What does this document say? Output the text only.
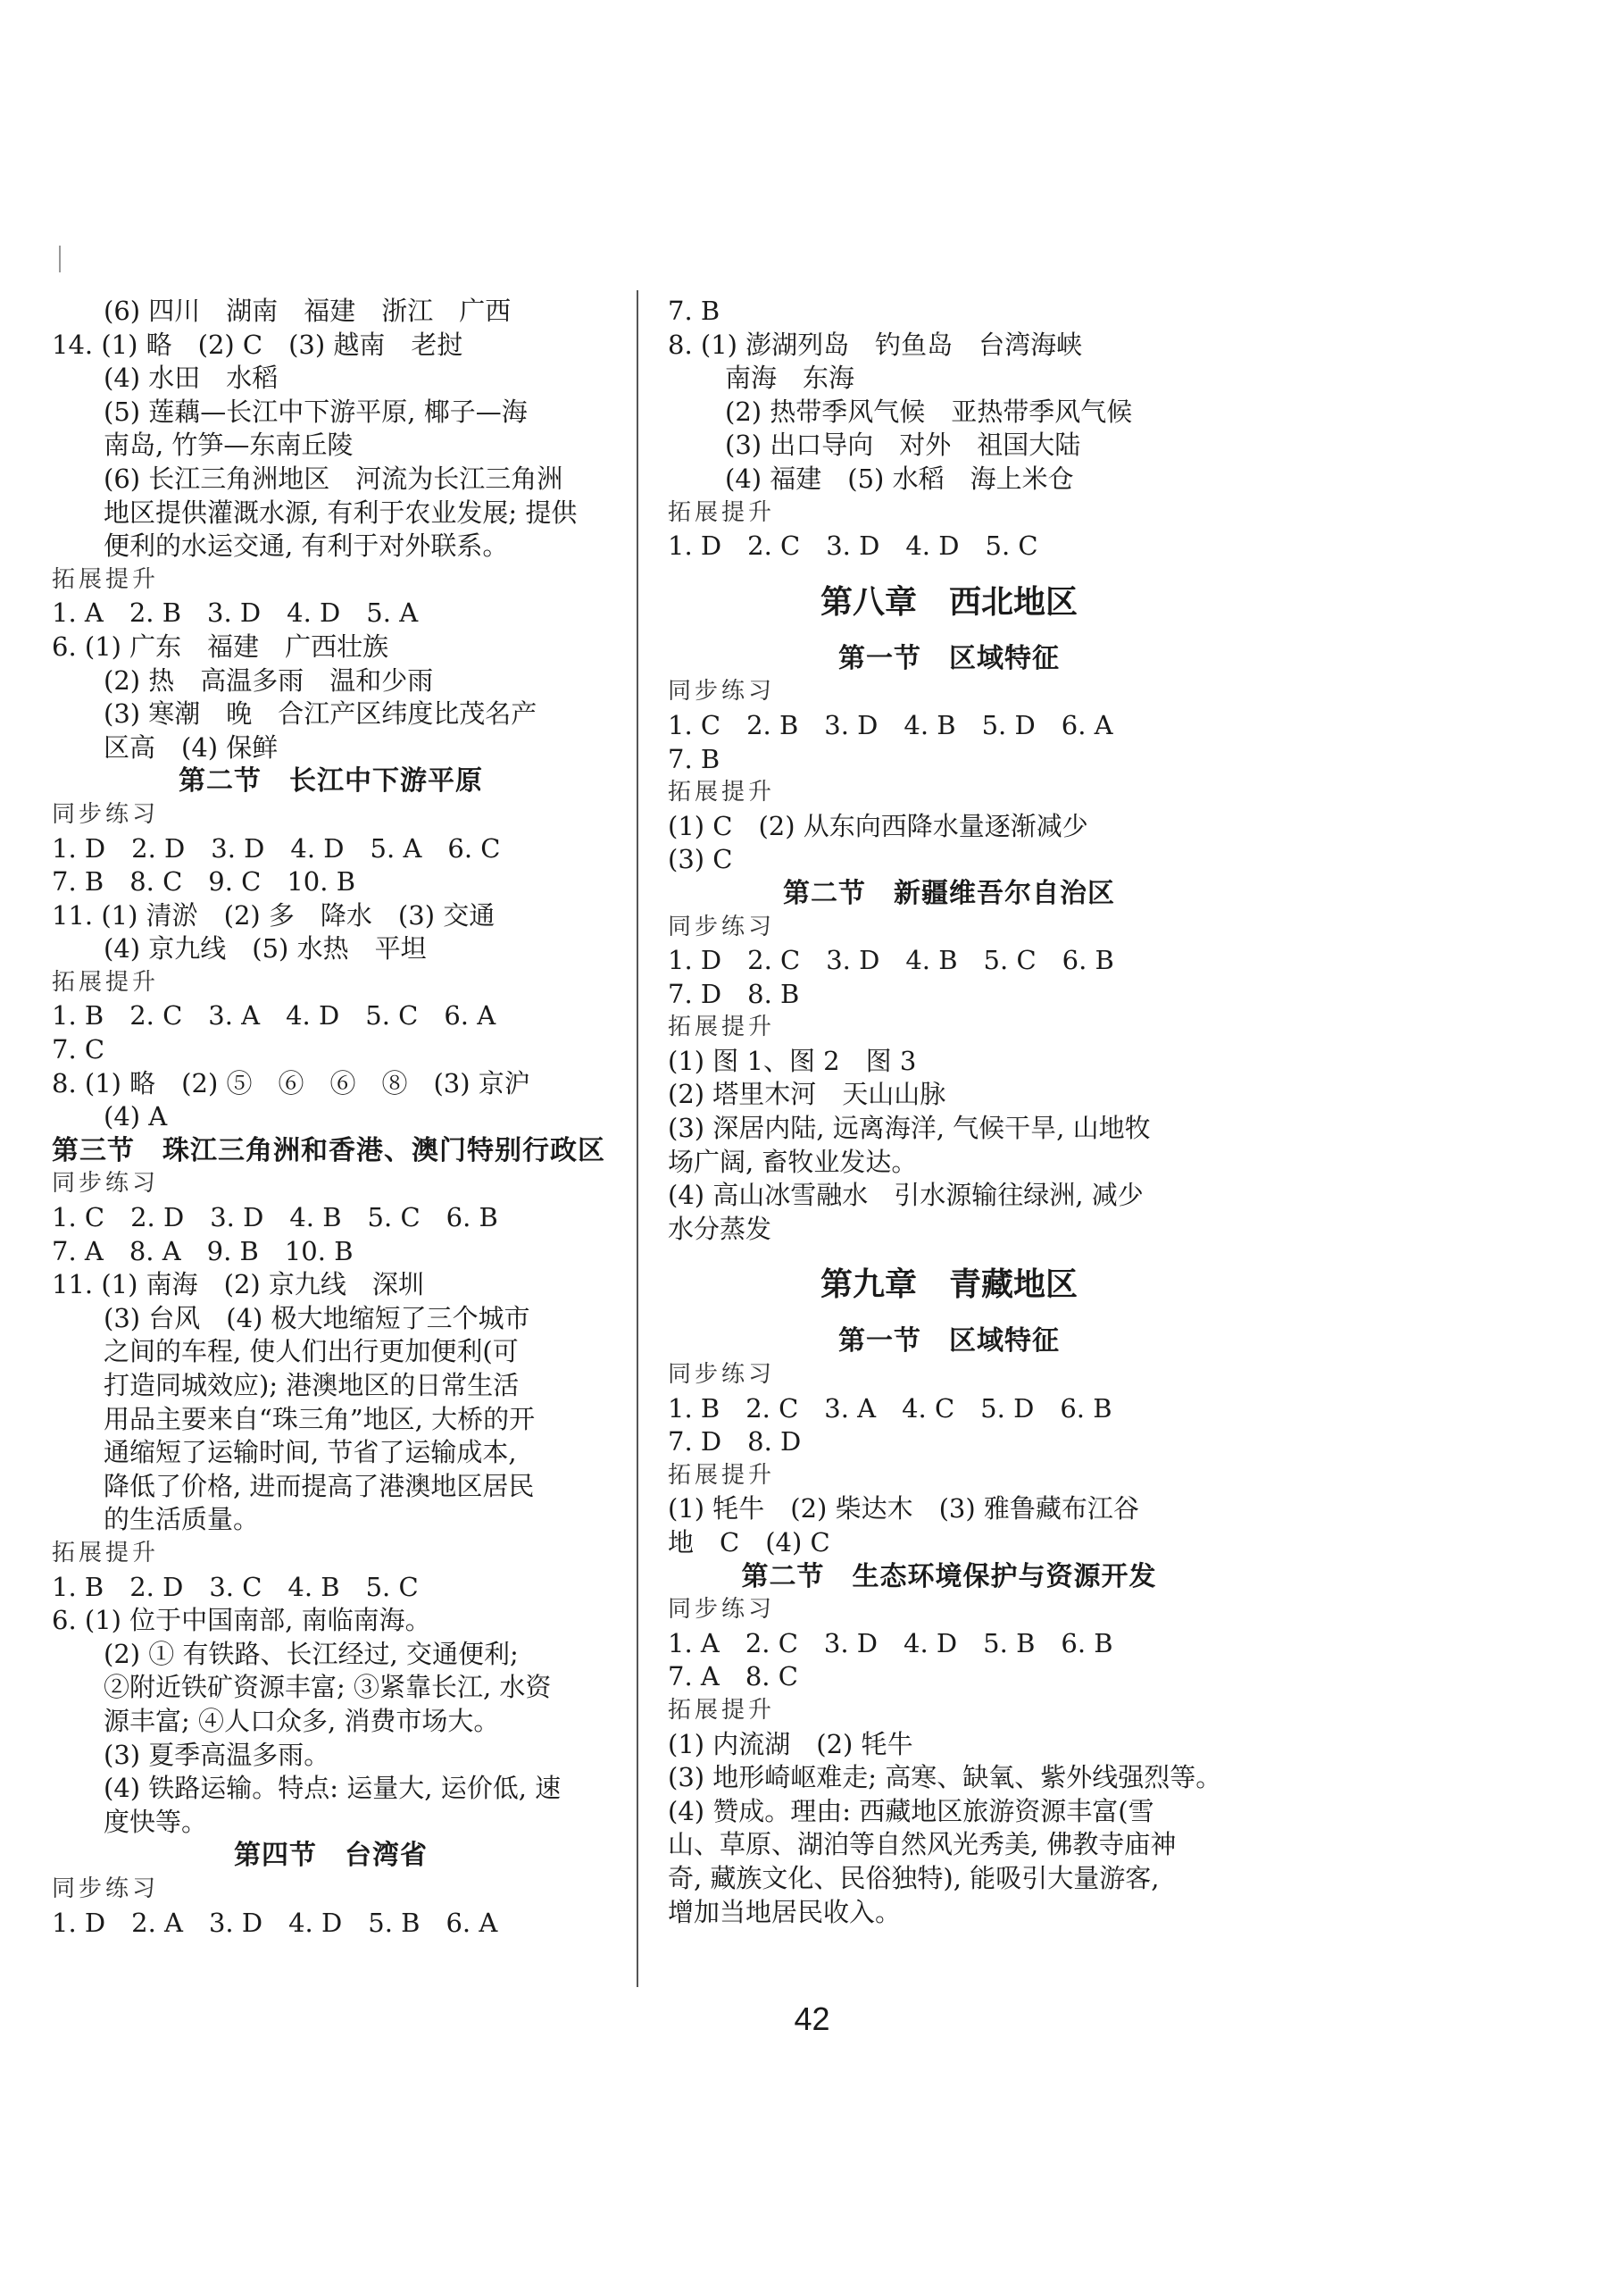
(6) 四川　湖南　福建　浙江　广西
14. (1) 略　(2) C　(3) 越南　老挝
(4) 水田　水稻
(5) 莲藕—长江中下游平原, 椰子—海
南岛, 竹笋—东南丘陵
(6) 长江三角洲地区　河流为长江三角洲
地区提供灌溉水源, 有利于农业发展; 提供
便利的水运交通, 有利于对外联系。
拓展提升
1. A　2. B　3. D　4. D　5. A
6. (1) 广东　福建　广西壮族
(2) 热　高温多雨　温和少雨
(3) 寒潮　晚　合江产区纬度比茂名产
区高　(4) 保鲜
第二节　长江中下游平原
同步练习
1. D　2. D　3. D　4. D　5. A　6. C
7. B　8. C　9. C　10. B
11. (1) 清淤　(2) 多　降水　(3) 交通
(4) 京九线　(5) 水热　平坦
拓展提升
1. B　2. C　3. A　4. D　5. C　6. A
7. C
8. (1) 略　(2) ⑤　⑥　⑥　⑧　(3) 京沪
(4) A
第三节　珠江三角洲和香港、澳门特别行政区
同步练习
1. C　2. D　3. D　4. B　5. C　6. B
7. A　8. A　9. B　10. B
11. (1) 南海　(2) 京九线　深圳
(3) 台风　(4) 极大地缩短了三个城市
之间的车程, 使人们出行更加便利(可
打造同城效应); 港澳地区的日常生活
用品主要来自“珠三角”地区, 大桥的开
通缩短了运输时间, 节省了运输成本,
降低了价格, 进而提高了港澳地区居民
的生活质量。
拓展提升
1. B　2. D　3. C　4. B　5. C
6. (1) 位于中国南部, 南临南海。
(2) ① 有铁路、长江经过, 交通便利;
②附近铁矿资源丰富; ③紧靠长江, 水资
源丰富; ④人口众多, 消费市场大。
(3) 夏季高温多雨。
(4) 铁路运输。特点: 运量大, 运价低, 速
度快等。
第四节　台湾省
同步练习
1. D　2. A　3. D　4. D　5. B　6. A
7. B
8. (1) 澎湖列岛　钓鱼岛　台湾海峡
南海　东海
(2) 热带季风气候　亚热带季风气候
(3) 出口导向　对外　祖国大陆
(4) 福建　(5) 水稻　海上米仓
拓展提升
1. D　2. C　3. D　4. D　5. C
第八章　西北地区
第一节　区域特征
同步练习
1. C　2. B　3. D　4. B　5. D　6. A
7. B
拓展提升
(1) C　(2) 从东向西降水量逐渐减少
(3) C
第二节　新疆维吾尔自治区
同步练习
1. D　2. C　3. D　4. B　5. C　6. B
7. D　8. B
拓展提升
(1) 图 1、图 2　图 3
(2) 塔里木河　天山山脉
(3) 深居内陆, 远离海洋, 气候干旱, 山地牧
场广阔, 畜牧业发达。
(4) 高山冰雪融水　引水源输往绿洲, 减少
水分蒸发
第九章　青藏地区
第一节　区域特征
同步练习
1. B　2. C　3. A　4. C　5. D　6. B
7. D　8. D
拓展提升
(1) 牦牛　(2) 柴达木　(3) 雅鲁藏布江谷
地　C　(4) C
第二节　生态环境保护与资源开发
同步练习
1. A　2. C　3. D　4. D　5. B　6. B
7. A　8. C
拓展提升
(1) 内流湖　(2) 牦牛
(3) 地形崎岖难走; 高寒、缺氧、紫外线强烈等。
(4) 赞成。理由: 西藏地区旅游资源丰富(雪
山、草原、湖泊等自然风光秀美, 佛教寺庙神
奇, 藏族文化、民俗独特), 能吸引大量游客,
增加当地居民收入。
42
